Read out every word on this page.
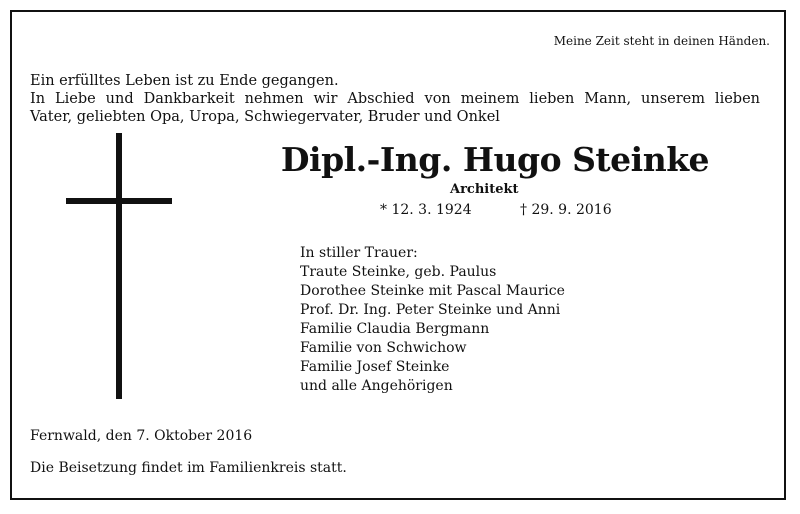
Meine Zeit steht in deinen Händen.
Ein erfülltes Leben ist zu Ende gegangen.
In Liebe und Dankbarkeit nehmen wir Abschied von meinem lieben Mann, unserem lieben
Vater, geliebten Opa, Uropa, Schwiegervater, Bruder und Onkel
Dipl.-Ing. Hugo Steinke
Architekt
* 12. 3. 1924	† 29. 9. 2016
In stiller Trauer:
Traute Steinke, geb. Paulus
Dorothee Steinke mit Pascal Maurice
Prof. Dr. Ing. Peter Steinke und Anni
Familie Claudia Bergmann
Familie von Schwichow
Familie Josef Steinke
und alle Angehörigen
Fernwald, den 7. Oktober 2016
Die Beisetzung findet im Familienkreis statt.
